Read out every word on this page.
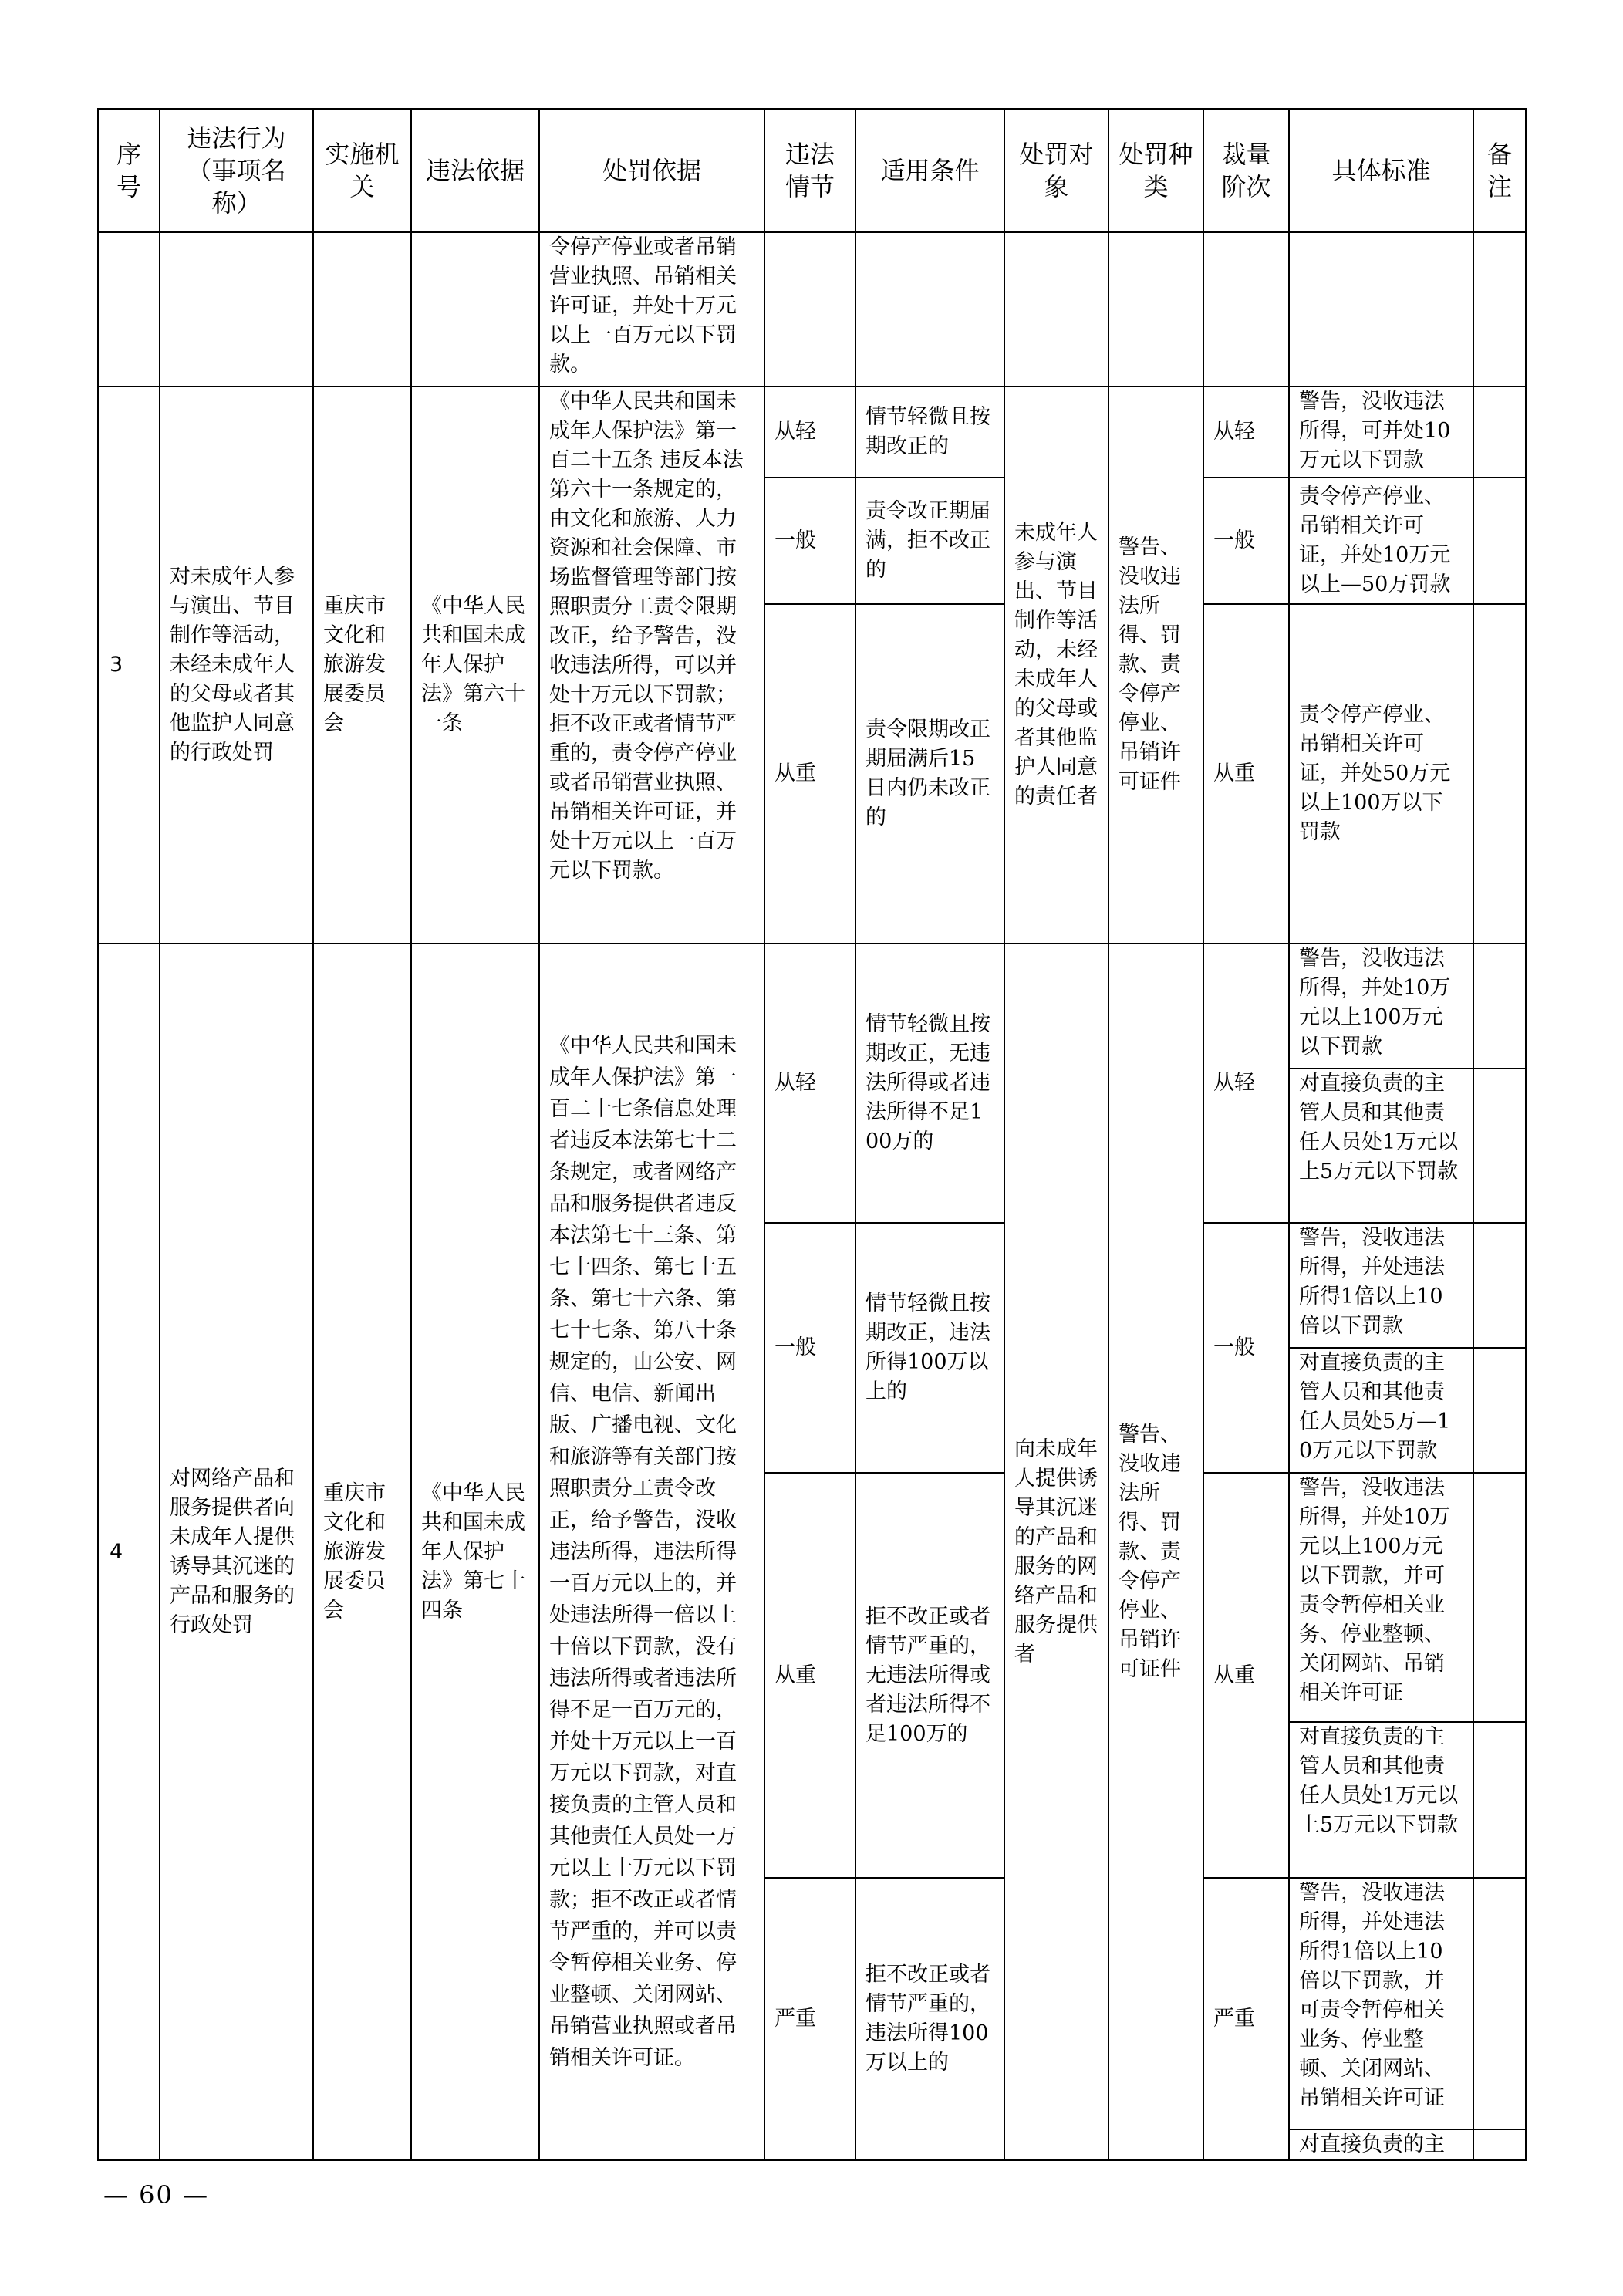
序号	违法行为（事项名称）	实施机关	违法依据	处罚依据	违法情节	适用条件	处罚对象	处罚种类	裁量阶次	具体标准	备注
				令停产停业或者吊销营业执照、吊销相关许可证，并处十万元以上一百万元以下罚款。							
3	对未成年人参与演出、节目制作等活动，未经未成年人的父母或者其他监护人同意的行政处罚	重庆市文化和旅游发展委员会	《中华人民共和国未成年人保护法》第六十一条	《中华人民共和国未成年人保护法》第一百二十五条 违反本法第六十一条规定的，由文化和旅游、人力资源和社会保障、市场监督管理等部门按照职责分工责令限期改正，给予警告，没收违法所得，可以并处十万元以下罚款；拒不改正或者情节严重的，责令停产停业或者吊销营业执照、吊销相关许可证，并处十万元以上一百万元以下罚款。	从轻	情节轻微且按期改正的	未成年人参与演出、节目制作等活动，未经未成年人的父母或者其他监护人同意的责任者	警告、没收违法所得、罚款、责令停产停业、吊销许可证件	从轻	警告，没收违法所得，可并处10万元以下罚款	
					一般	责令改正期届满，拒不改正的			一般	责令停产停业、吊销相关许可证，并处10万元以上—50万罚款	
					从重	责令限期改正期届满后15日内仍未改正的			从重	责令停产停业、吊销相关许可证，并处50万元以上100万以下罚款	
4	对网络产品和服务提供者向未成年人提供诱导其沉迷的产品和服务的行政处罚	重庆市文化和旅游发展委员会	《中华人民共和国未成年人保护法》第七十四条	《中华人民共和国未成年人保护法》第一百二十七条信息处理者违反本法第七十二条规定，或者网络产品和服务提供者违反本法第七十三条、第七十四条、第七十五条、第七十六条、第七十七条、第八十条规定的，由公安、网信、电信、新闻出版、广播电视、文化和旅游等有关部门按照职责分工责令改正，给予警告，没收违法所得，违法所得一百万元以上的，并处违法所得一倍以上十倍以下罚款，没有违法所得或者违法所得不足一百万元的，并处十万元以上一百万元以下罚款，对直接负责的主管人员和其他责任人员处一万元以上十万元以下罚款；拒不改正或者情节严重的，并可以责令暂停相关业务、停业整顿、关闭网站、吊销营业执照或者吊销相关许可证。	从轻	情节轻微且按期改正，无违法所得或者违法所得不足100万的	向未成年人提供诱导其沉迷的产品和服务的网络产品和服务提供者	警告、没收违法所得、罚款、责令停产停业、吊销许可证件	从轻	警告，没收违法所得，并处10万元以上100万元以下罚款	
										对直接负责的主管人员和其他责任人员处1万元以上5万元以下罚款	
					一般	情节轻微且按期改正，违法所得100万以上的			一般	警告，没收违法所得，并处违法所得1倍以上10倍以下罚款	
										对直接负责的主管人员和其他责任人员处5万—10万元以下罚款	
					从重	拒不改正或者情节严重的，无违法所得或者违法所得不足100万的			从重	警告，没收违法所得，并处10万元以上100万元以下罚款，并可责令暂停相关业务、停业整顿、关闭网站、吊销相关许可证	
										对直接负责的主管人员和其他责任人员处1万元以上5万元以下罚款	
					严重	拒不改正或者情节严重的，违法所得100万以上的			严重	警告，没收违法所得，并处违法所得1倍以上10倍以下罚款，并可责令暂停相关业务、停业整顿、关闭网站、吊销相关许可证	
										对直接负责的主	
— 60 —
